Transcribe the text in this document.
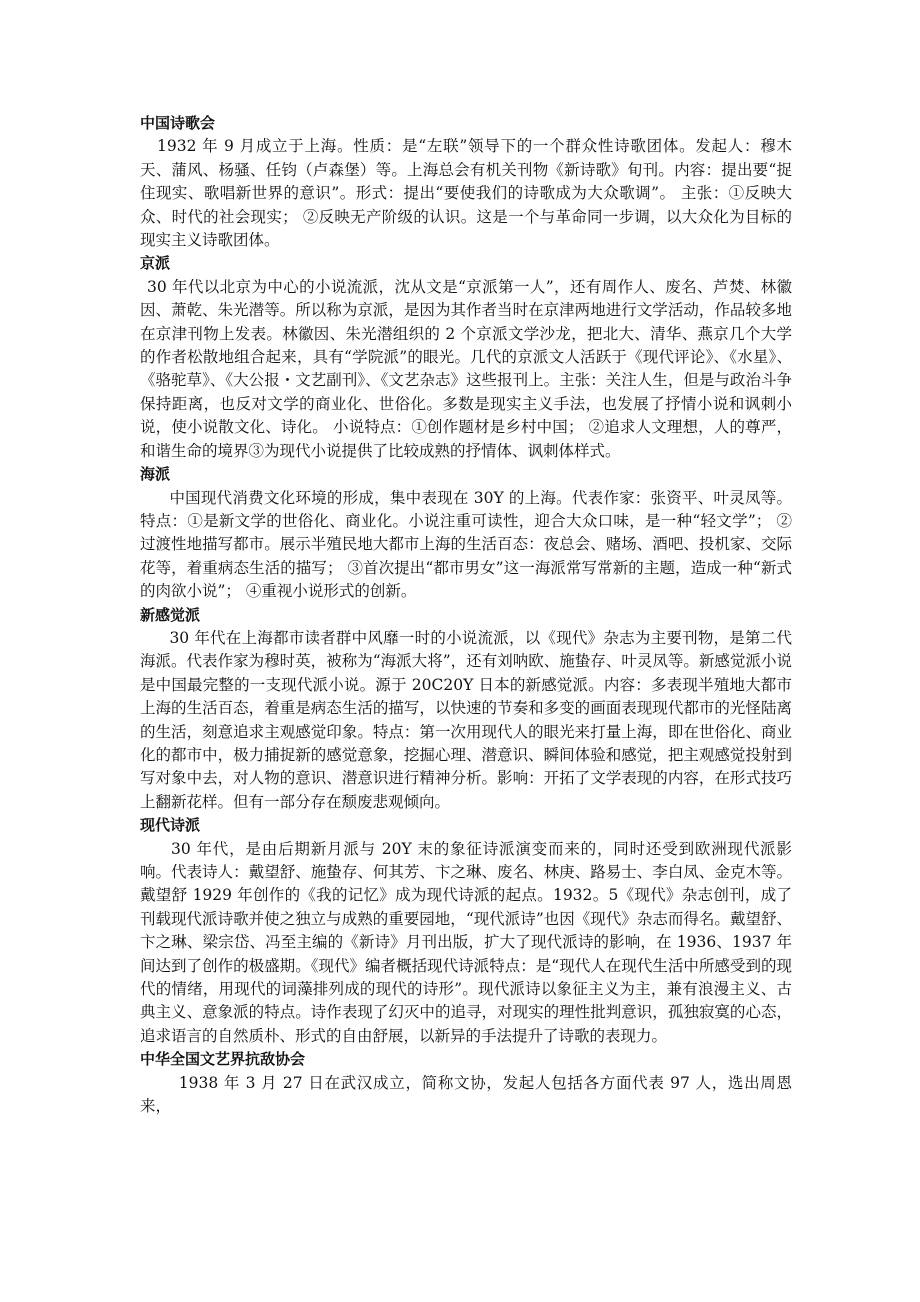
中国诗歌会

1932 年 9 月成立于上海。性质：是“左联”领导下的一个群众性诗歌团体。发起人：穆木天、蒲风、杨骚、任钧（卢森堡）等。上海总会有机关刊物《新诗歌》旬刊。内容：提出要“捉住现实、歌唱新世界的意识”。形式：提出“要使我们的诗歌成为大众歌调”。 主张：①反映大众、时代的社会现实； ②反映无产阶级的认识。这是一个与革命同一步调，以大众化为目标的现实主义诗歌团体。

京派

30 年代以北京为中心的小说流派，沈从文是“京派第一人”，还有周作人、废名、芦焚、林徽因、萧乾、朱光潜等。所以称为京派，是因为其作者当时在京津两地进行文学活动，作品较多地在京津刊物上发表。林徽因、朱光潜组织的 2 个京派文学沙龙，把北大、清华、燕京几个大学的作者松散地组合起来，具有“学院派”的眼光。几代的京派文人活跃于《现代评论》、《水星》、《骆驼草》、《大公报・文艺副刊》、《文艺杂志》这些报刊上。主张：关注人生，但是与政治斗争保持距离，也反对文学的商业化、世俗化。多数是现实主义手法，也发展了抒情小说和讽刺小说，使小说散文化、诗化。 小说特点：①创作题材是乡村中国； ②追求人文理想，人的尊严，和谐生命的境界③为现代小说提供了比较成熟的抒情体、讽刺体样式。

海派

中国现代消费文化环境的形成，集中表现在 30Y 的上海。代表作家：张资平、叶灵凤等。 特点：①是新文学的世俗化、商业化。小说注重可读性，迎合大众口味，是一种“轻文学”； ②过渡性地描写都市。展示半殖民地大都市上海的生活百态：夜总会、赌场、酒吧、投机家、交际花等，着重病态生活的描写； ③首次提出“都市男女”这一海派常写常新的主题，造成一种“新式的肉欲小说”； ④重视小说形式的创新。

新感觉派

30 年代在上海都市读者群中风靡一时的小说流派，以《现代》杂志为主要刊物，是第二代海派。代表作家为穆时英，被称为“海派大将”，还有刘呐欧、施蛰存、叶灵凤等。新感觉派小说是中国最完整的一支现代派小说。源于 20C20Y 日本的新感觉派。内容：多表现半殖地大都市上海的生活百态，着重是病态生活的描写，以快速的节奏和多变的画面表现现代都市的光怪陆离的生活，刻意追求主观感觉印象。特点：第一次用现代人的眼光来打量上海，即在世俗化、商业化的都市中，极力捕捉新的感觉意象，挖掘心理、潜意识、瞬间体验和感觉，把主观感觉投射到写对象中去，对人物的意识、潜意识进行精神分析。影响：开拓了文学表现的内容，在形式技巧上翻新花样。但有一部分存在颓废悲观倾向。

现代诗派

30 年代，是由后期新月派与 20Y 末的象征诗派演变而来的，同时还受到欧洲现代派影响。代表诗人：戴望舒、施蛰存、何其芳、卞之琳、废名、林庚、路易士、李白凤、金克木等。 戴望舒 1929 年创作的《我的记忆》成为现代诗派的起点。1932。5《现代》杂志创刊，成了刊载现代派诗歌并使之独立与成熟的重要园地，“现代派诗”也因《现代》杂志而得名。戴望舒、卞之琳、梁宗岱、冯至主编的《新诗》月刊出版，扩大了现代派诗的影响，在 1936、1937 年间达到了创作的极盛期。《现代》编者概括现代诗派特点：是“现代人在现代生活中所感受到的现代的情绪，用现代的词藻排列成的现代的诗形”。现代派诗以象征主义为主，兼有浪漫主义、古典主义、意象派的特点。诗作表现了幻灭中的追寻，对现实的理性批判意识，孤独寂寞的心态，追求语言的自然质朴、形式的自由舒展，以新异的手法提升了诗歌的表现力。

中华全国文艺界抗敌协会

1938 年 3 月 27 日在武汉成立，简称文协，发起人包括各方面代表 97 人，选出周恩来，
